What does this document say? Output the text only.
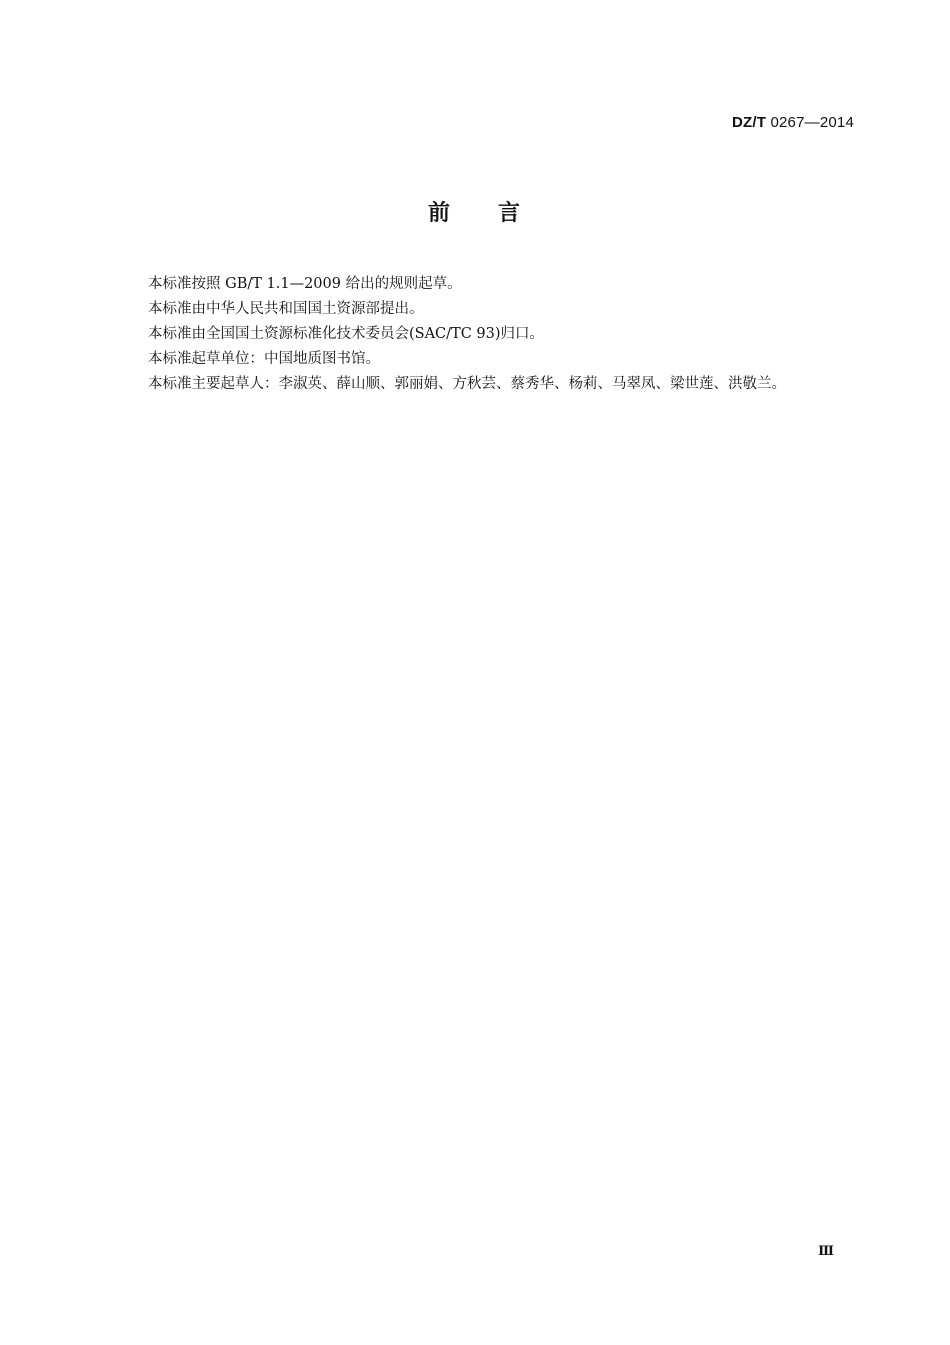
DZ/T 0267—2014
前 言

本标准按照 GB/T 1.1—2009 给出的规则起草。

本标准由中华人民共和国国土资源部提出。

本标准由全国国土资源标准化技术委员会(SAC/TC 93)归口。

本标准起草单位：中国地质图书馆。

本标准主要起草人：李淑英、薛山顺、郭丽娟、方秋芸、蔡秀华、杨莉、马翠凤、梁世莲、洪敬兰。

Ⅲ
